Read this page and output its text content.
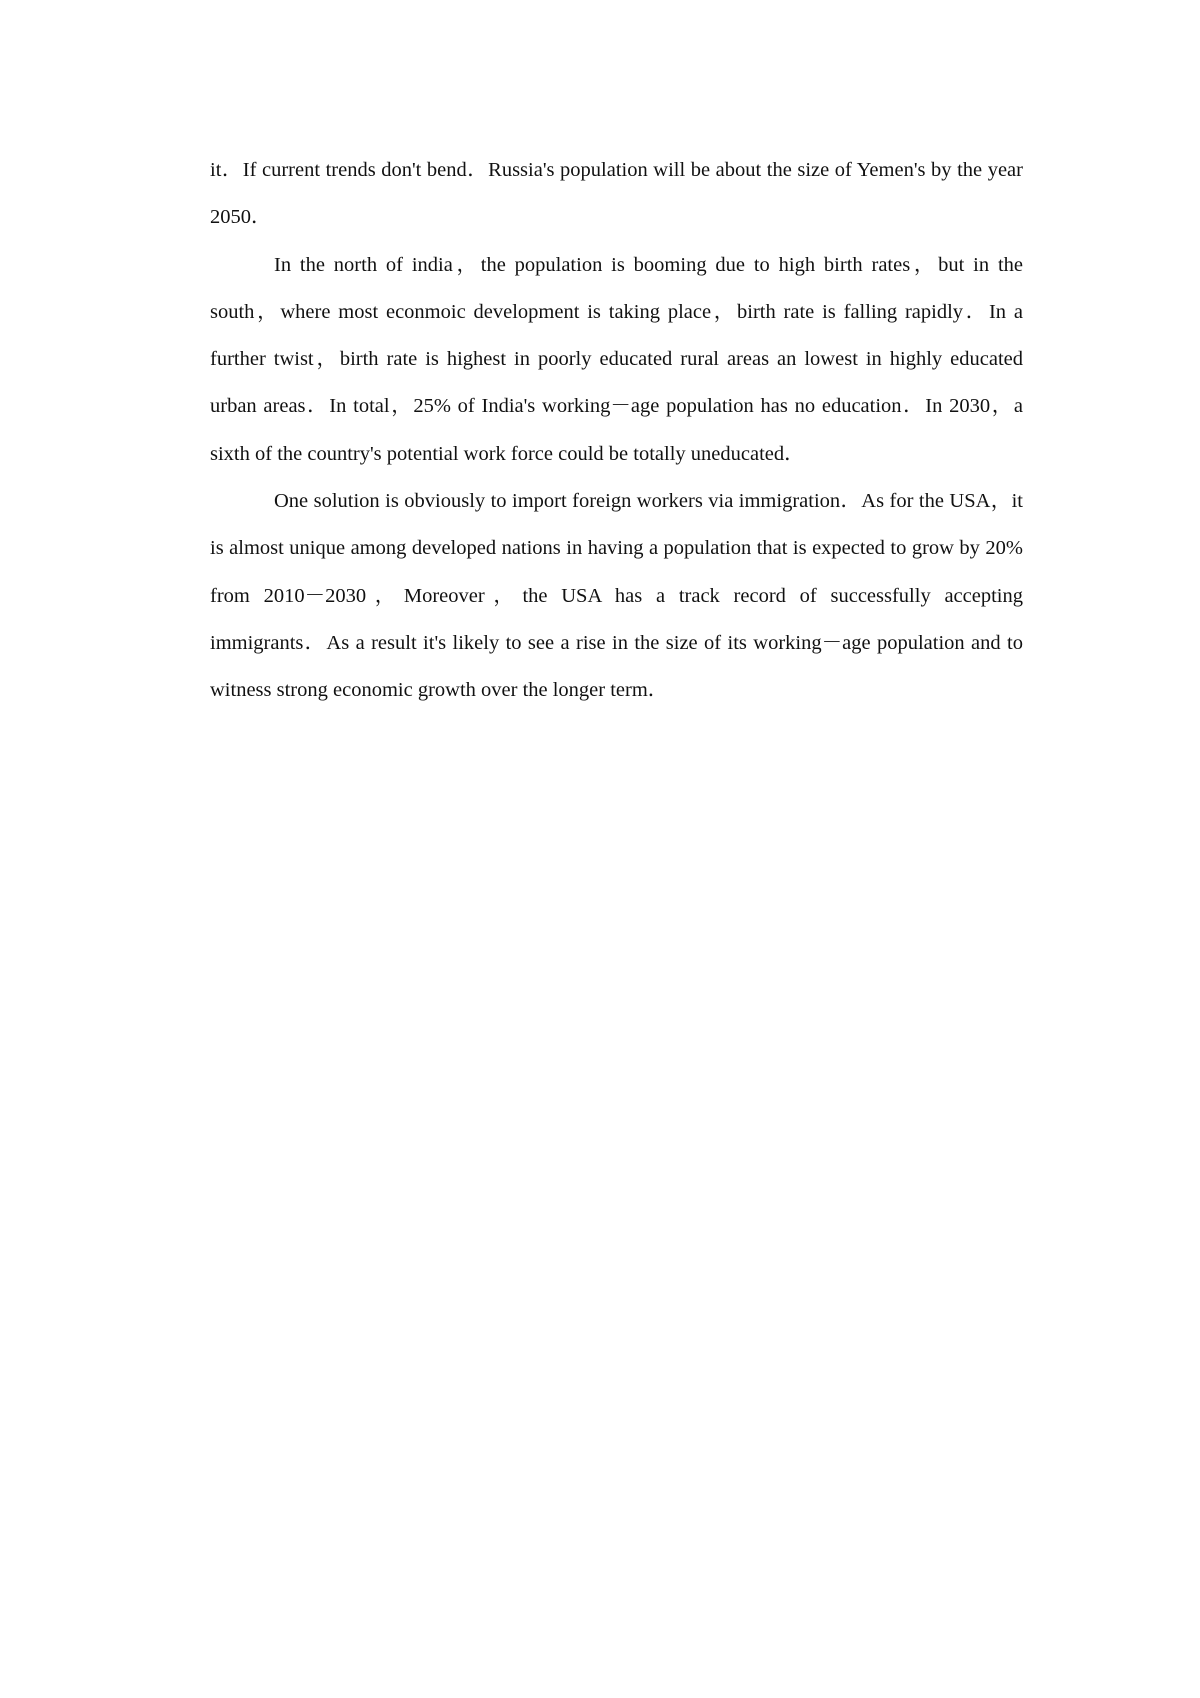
it．If current trends don't bend．Russia's population will be about the size of Yemen's by the year 2050．

In the north of india，the population is booming due to high birth rates，but in the south，where most econmoic development is taking place，birth rate is falling rapidly．In a further twist，birth rate is highest in poorly educated rural areas an lowest in highly educated urban areas．In total，25% of India's working－age population has no education．In 2030，a sixth of the country's potential work force could be totally uneducated．

One solution is obviously to import foreign workers via immigration．As for the USA，it is almost unique among developed nations in having a population that is expected to grow by 20% from 2010－2030，Moreover，the USA has a track record of successfully accepting immigrants．As a result it's likely to see a rise in the size of its working－age population and to witness strong economic growth over the longer term．
